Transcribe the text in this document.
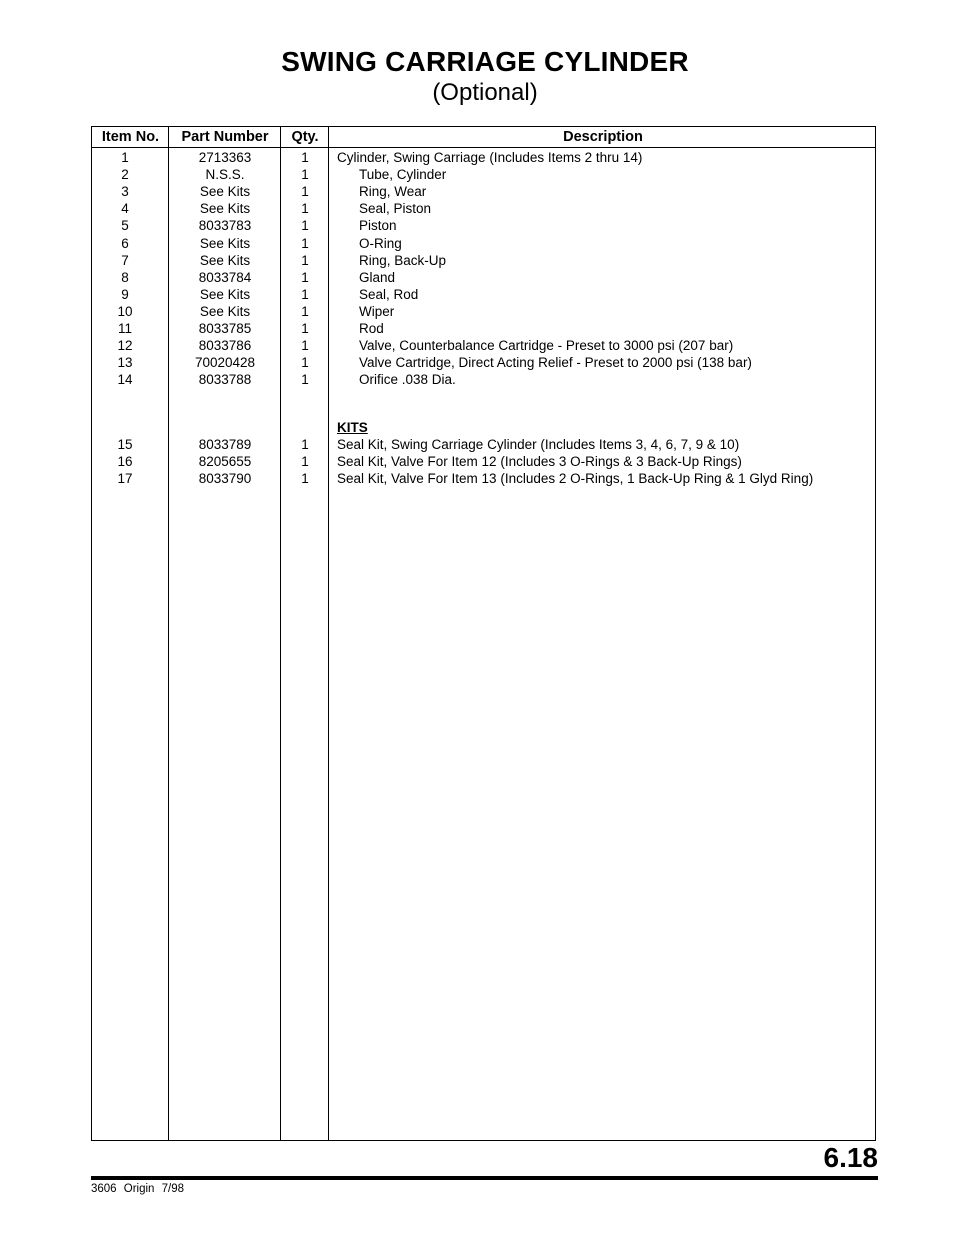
SWING CARRIAGE CYLINDER
(Optional)
Item No.	Part Number	Qty.	Description
1	2713363	1	Cylinder, Swing Carriage (Includes Items 2 thru 14)
2	N.S.S.	1	Tube, Cylinder
3	See Kits	1	Ring, Wear
4	See Kits	1	Seal, Piston
5	8033783	1	Piston
6	See Kits	1	O-Ring
7	See Kits	1	Ring, Back-Up
8	8033784	1	Gland
9	See Kits	1	Seal, Rod
10	See Kits	1	Wiper
11	8033785	1	Rod
12	8033786	1	Valve, Counterbalance Cartridge - Preset to 3000 psi (207 bar)
13	70020428	1	Valve Cartridge, Direct Acting Relief - Preset to 2000 psi (138 bar)
14	8033788	1	Orifice .038 Dia.
KITS
15	8033789	1	Seal Kit, Swing Carriage Cylinder (Includes Items 3, 4, 6, 7, 9 & 10)
16	8205655	1	Seal Kit, Valve For Item 12 (Includes 3 O-Rings & 3 Back-Up Rings)
17	8033790	1	Seal Kit, Valve For Item 13 (Includes 2 O-Rings, 1 Back-Up Ring & 1 Glyd Ring)
6.18
3606 Origin 7/98
